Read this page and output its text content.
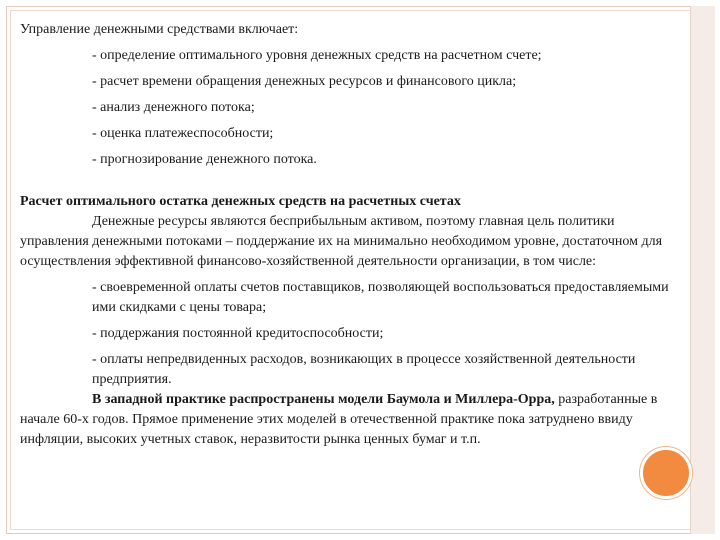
Управление денежными средствами включает:

- определение оптимального уровня денежных средств на расчетном счете;

- расчет времени обращения денежных ресурсов и финансового цикла;

- анализ денежного потока;

- оценка платежеспособности;

- прогнозирование денежного потока.

Расчет оптимального остатка денежных средств на расчетных счетах

Денежные ресурсы являются бесприбыльным активом, поэтому главная цель политики управления денежными потоками – поддержание их на минимально необходимом уровне, достаточном для осуществления эффективной финансово-хозяйственной деятельности организации, в том числе:

- своевременной оплаты счетов поставщиков, позволяющей воспользоваться предоставляемыми ими скидками с цены товара;

- поддержания постоянной кредитоспособности;

- оплаты непредвиденных расходов, возникающих в процессе хозяйственной деятельности предприятия.

В западной практике распространены модели Баумола и Миллера-Орра, разработанные в начале 60-х годов. Прямое применение этих моделей в отечественной практике пока затруднено ввиду инфляции, высоких учетных ставок, неразвитости рынка ценных бумаг и т.п.
